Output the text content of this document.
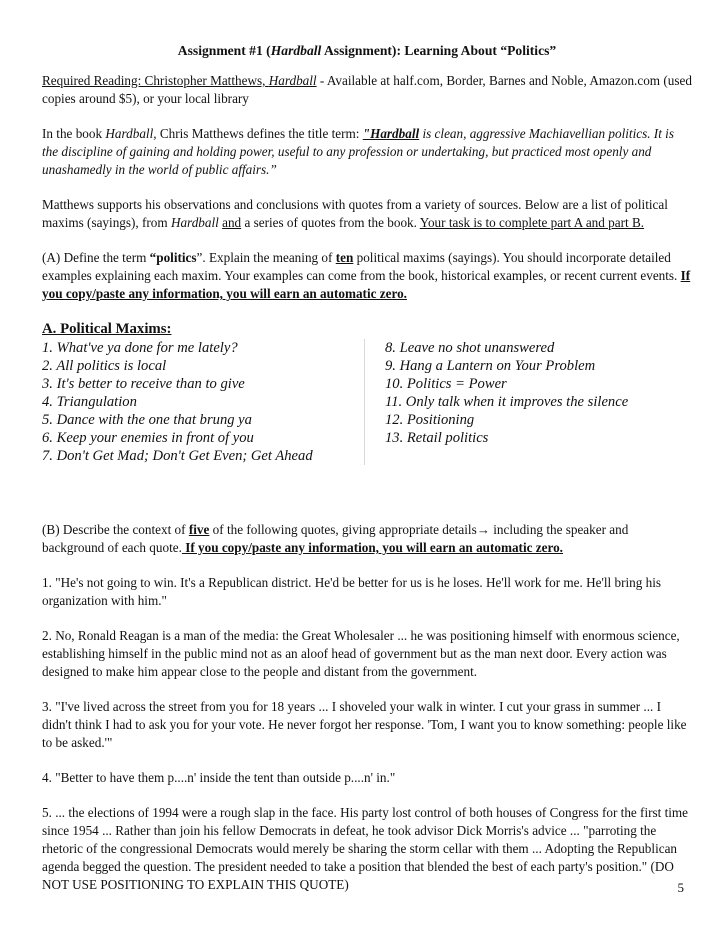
Assignment #1 (Hardball Assignment): Learning About “Politics”

Required Reading: Christopher Matthews, Hardball - Available at half.com, Border, Barnes and Noble, Amazon.com (used copies around $5), or your local library

In the book Hardball, Chris Matthews defines the title term: "Hardball is clean, aggressive Machiavellian politics. It is the discipline of gaining and holding power, useful to any profession or undertaking, but practiced most openly and unashamedly in the world of public affairs.”

Matthews supports his observations and conclusions with quotes from a variety of sources. Below are a list of political maxims (sayings), from Hardball and a series of quotes from the book. Your task is to complete part A and part B.

(A) Define the term “politics”. Explain the meaning of ten political maxims (sayings). You should incorporate detailed examples explaining each maxim. Your examples can come from the book, historical examples, or recent current events. If you copy/paste any information, you will earn an automatic zero.

A. Political Maxims:
1. What've ya done for me lately?
2. All politics is local
3. It's better to receive than to give
4. Triangulation
5. Dance with the one that brung ya
6. Keep your enemies in front of you
7. Don't Get Mad; Don't Get Even; Get Ahead
8. Leave no shot unanswered
9. Hang a Lantern on Your Problem
10. Politics = Power
11. Only talk when it improves the silence
12. Positioning
13. Retail politics

(B) Describe the context of five of the following quotes, giving appropriate details→ including the speaker and background of each quote. If you copy/paste any information, you will earn an automatic zero.

1. "He's not going to win. It's a Republican district. He'd be better for us is he loses. He'll work for me. He'll bring his organization with him."

2. No, Ronald Reagan is a man of the media: the Great Wholesaler ... he was positioning himself with enormous science, establishing himself in the public mind not as an aloof head of government but as the man next door. Every action was designed to make him appear close to the people and distant from the government.

3. "I've lived across the street from you for 18 years ... I shoveled your walk in winter. I cut your grass in summer ... I didn't think I had to ask you for your vote. He never forgot her response. 'Tom, I want you to know something: people like to be asked.'"

4. "Better to have them p....n' inside the tent than outside p....n' in."

5. ... the elections of 1994 were a rough slap in the face. His party lost control of both houses of Congress for the first time since 1954 ... Rather than join his fellow Democrats in defeat, he took advisor Dick Morris's advice ... "parroting the rhetoric of the congressional Democrats would merely be sharing the storm cellar with them ... Adopting the Republican agenda begged the question. The president needed to take a position that blended the best of each party's position." (DO NOT USE POSITIONING TO EXPLAIN THIS QUOTE)	5
